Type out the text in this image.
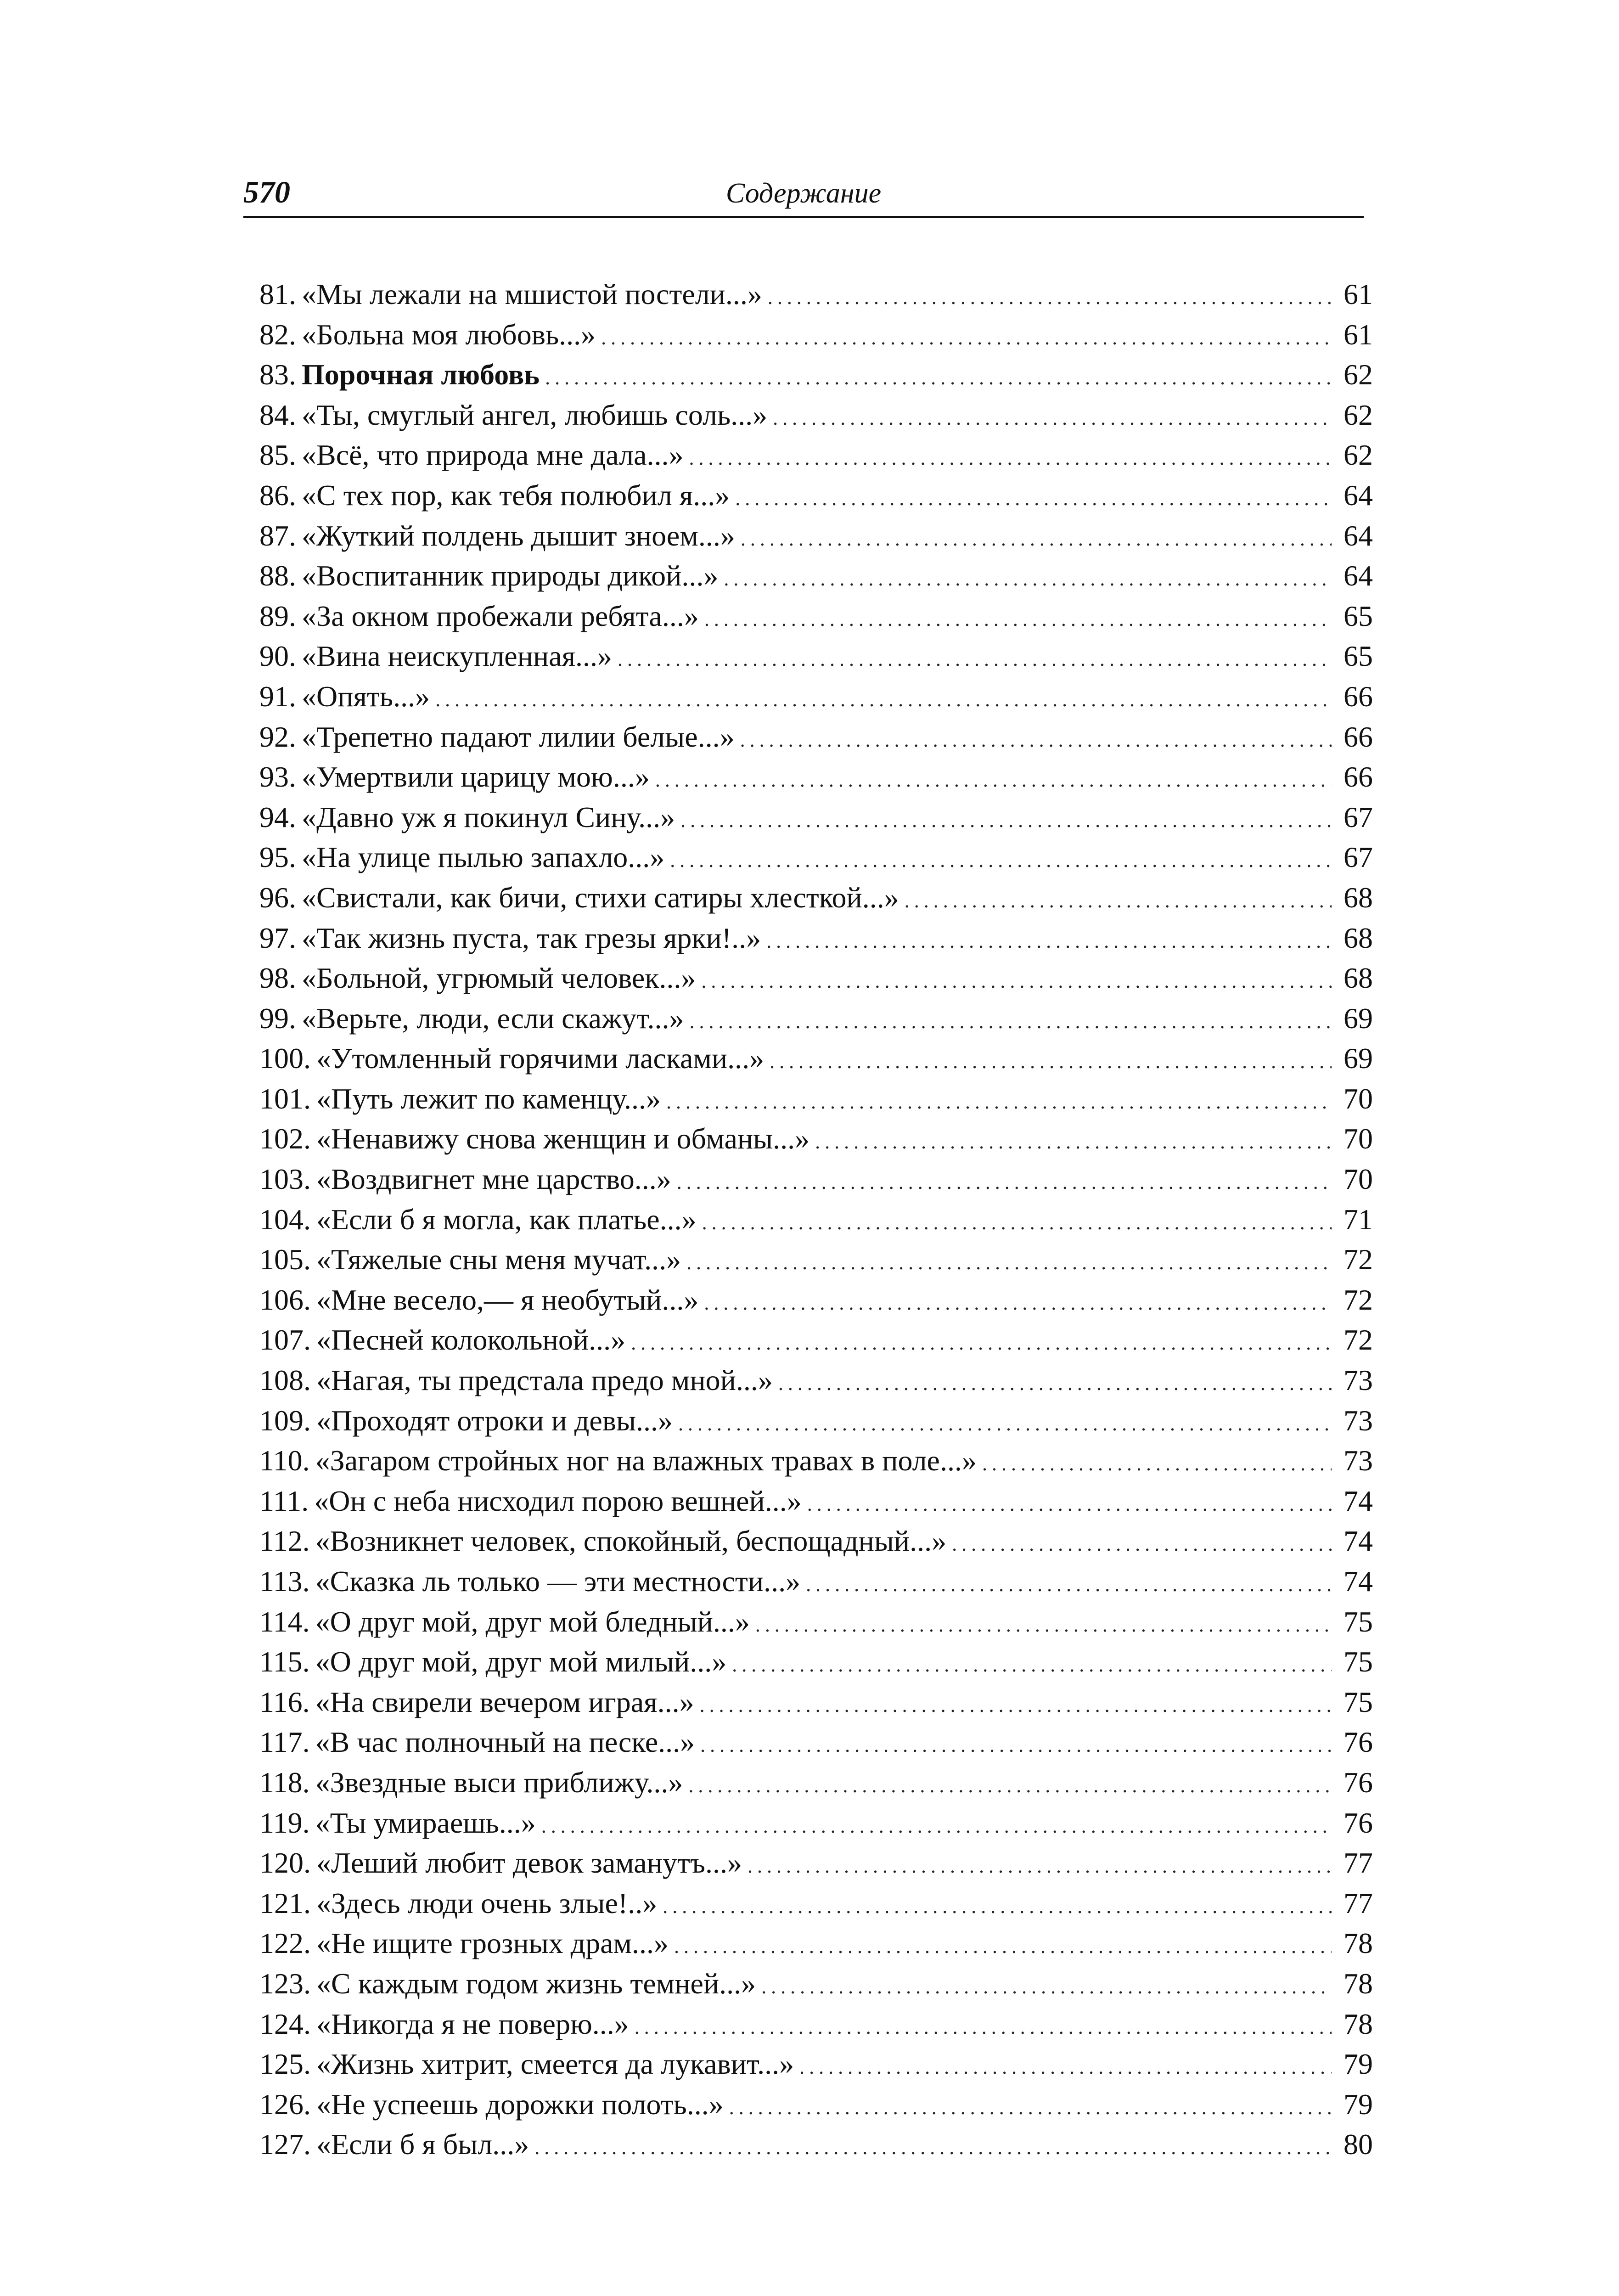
570	Содержание
81. «Мы лежали на мшистой постели...» .....	61
82. «Больна моя любовь...» .....	61
83. Порочная любовь .....	62
84. «Ты, смуглый ангел, любишь соль...» .....	62
85. «Всё, что природа мне дала...» .....	62
86. «С тех пор, как тебя полюбил я...» .....	64
87. «Жуткий полдень дышит зноем...» .....	64
88. «Воспитанник природы дикой...» .....	64
89. «За окном пробежали ребята...» .....	65
90. «Вина неискупленная...» .....	65
91. «Опять...» .....	66
92. «Трепетно падают лилии белые...» .....	66
93. «Умертвили царицу мою...» .....	66
94. «Давно уж я покинул Сину...» .....	67
95. «На улице пылью запахло...» .....	67
96. «Свистали, как бичи, стихи сатиры хлесткой...» .....	68
97. «Так жизнь пуста, так грезы ярки!..» .....	68
98. «Больной, угрюмый человек...» .....	68
99. «Верьте, люди, если скажут...» .....	69
100. «Утомленный горячими ласками...» .....	69
101. «Путь лежит по каменцу...» .....	70
102. «Ненавижу снова женщин и обманы...» .....	70
103. «Воздвигнет мне царство...» .....	70
104. «Если б я могла, как платье...» .....	71
105. «Тяжелые сны меня мучат...» .....	72
106. «Мне весело,— я необутый...» .....	72
107. «Песней колокольной...» .....	72
108. «Нагая, ты предстала предо мной...» .....	73
109. «Проходят отроки и девы...» .....	73
110. «Загаром стройных ног на влажных травах в поле...» .....	73
111. «Он с неба нисходил порою вешней...» .....	74
112. «Возникнет человек, спокойный, беспощадный...» .....	74
113. «Сказка ль только — эти местности...» .....	74
114. «О друг мой, друг мой бледный...» .....	75
115. «О друг мой, друг мой милый...» .....	75
116. «На свирели вечером играя...» .....	75
117. «В час полночный на песке...» .....	76
118. «Звездные выси приближу...» .....	76
119. «Ты умираешь...» .....	76
120. «Леший любит девок заманутъ...» .....	77
121. «Здесь люди очень злые!..» .....	77
122. «Не ищите грозных драм...» .....	78
123. «С каждым годом жизнь темней...» .....	78
124. «Никогда я не поверю...» .....	78
125. «Жизнь хитрит, смеется да лукавит...» .....	79
126. «Не успеешь дорожки полоть...» .....	79
127. «Если б я был...» .....	80
